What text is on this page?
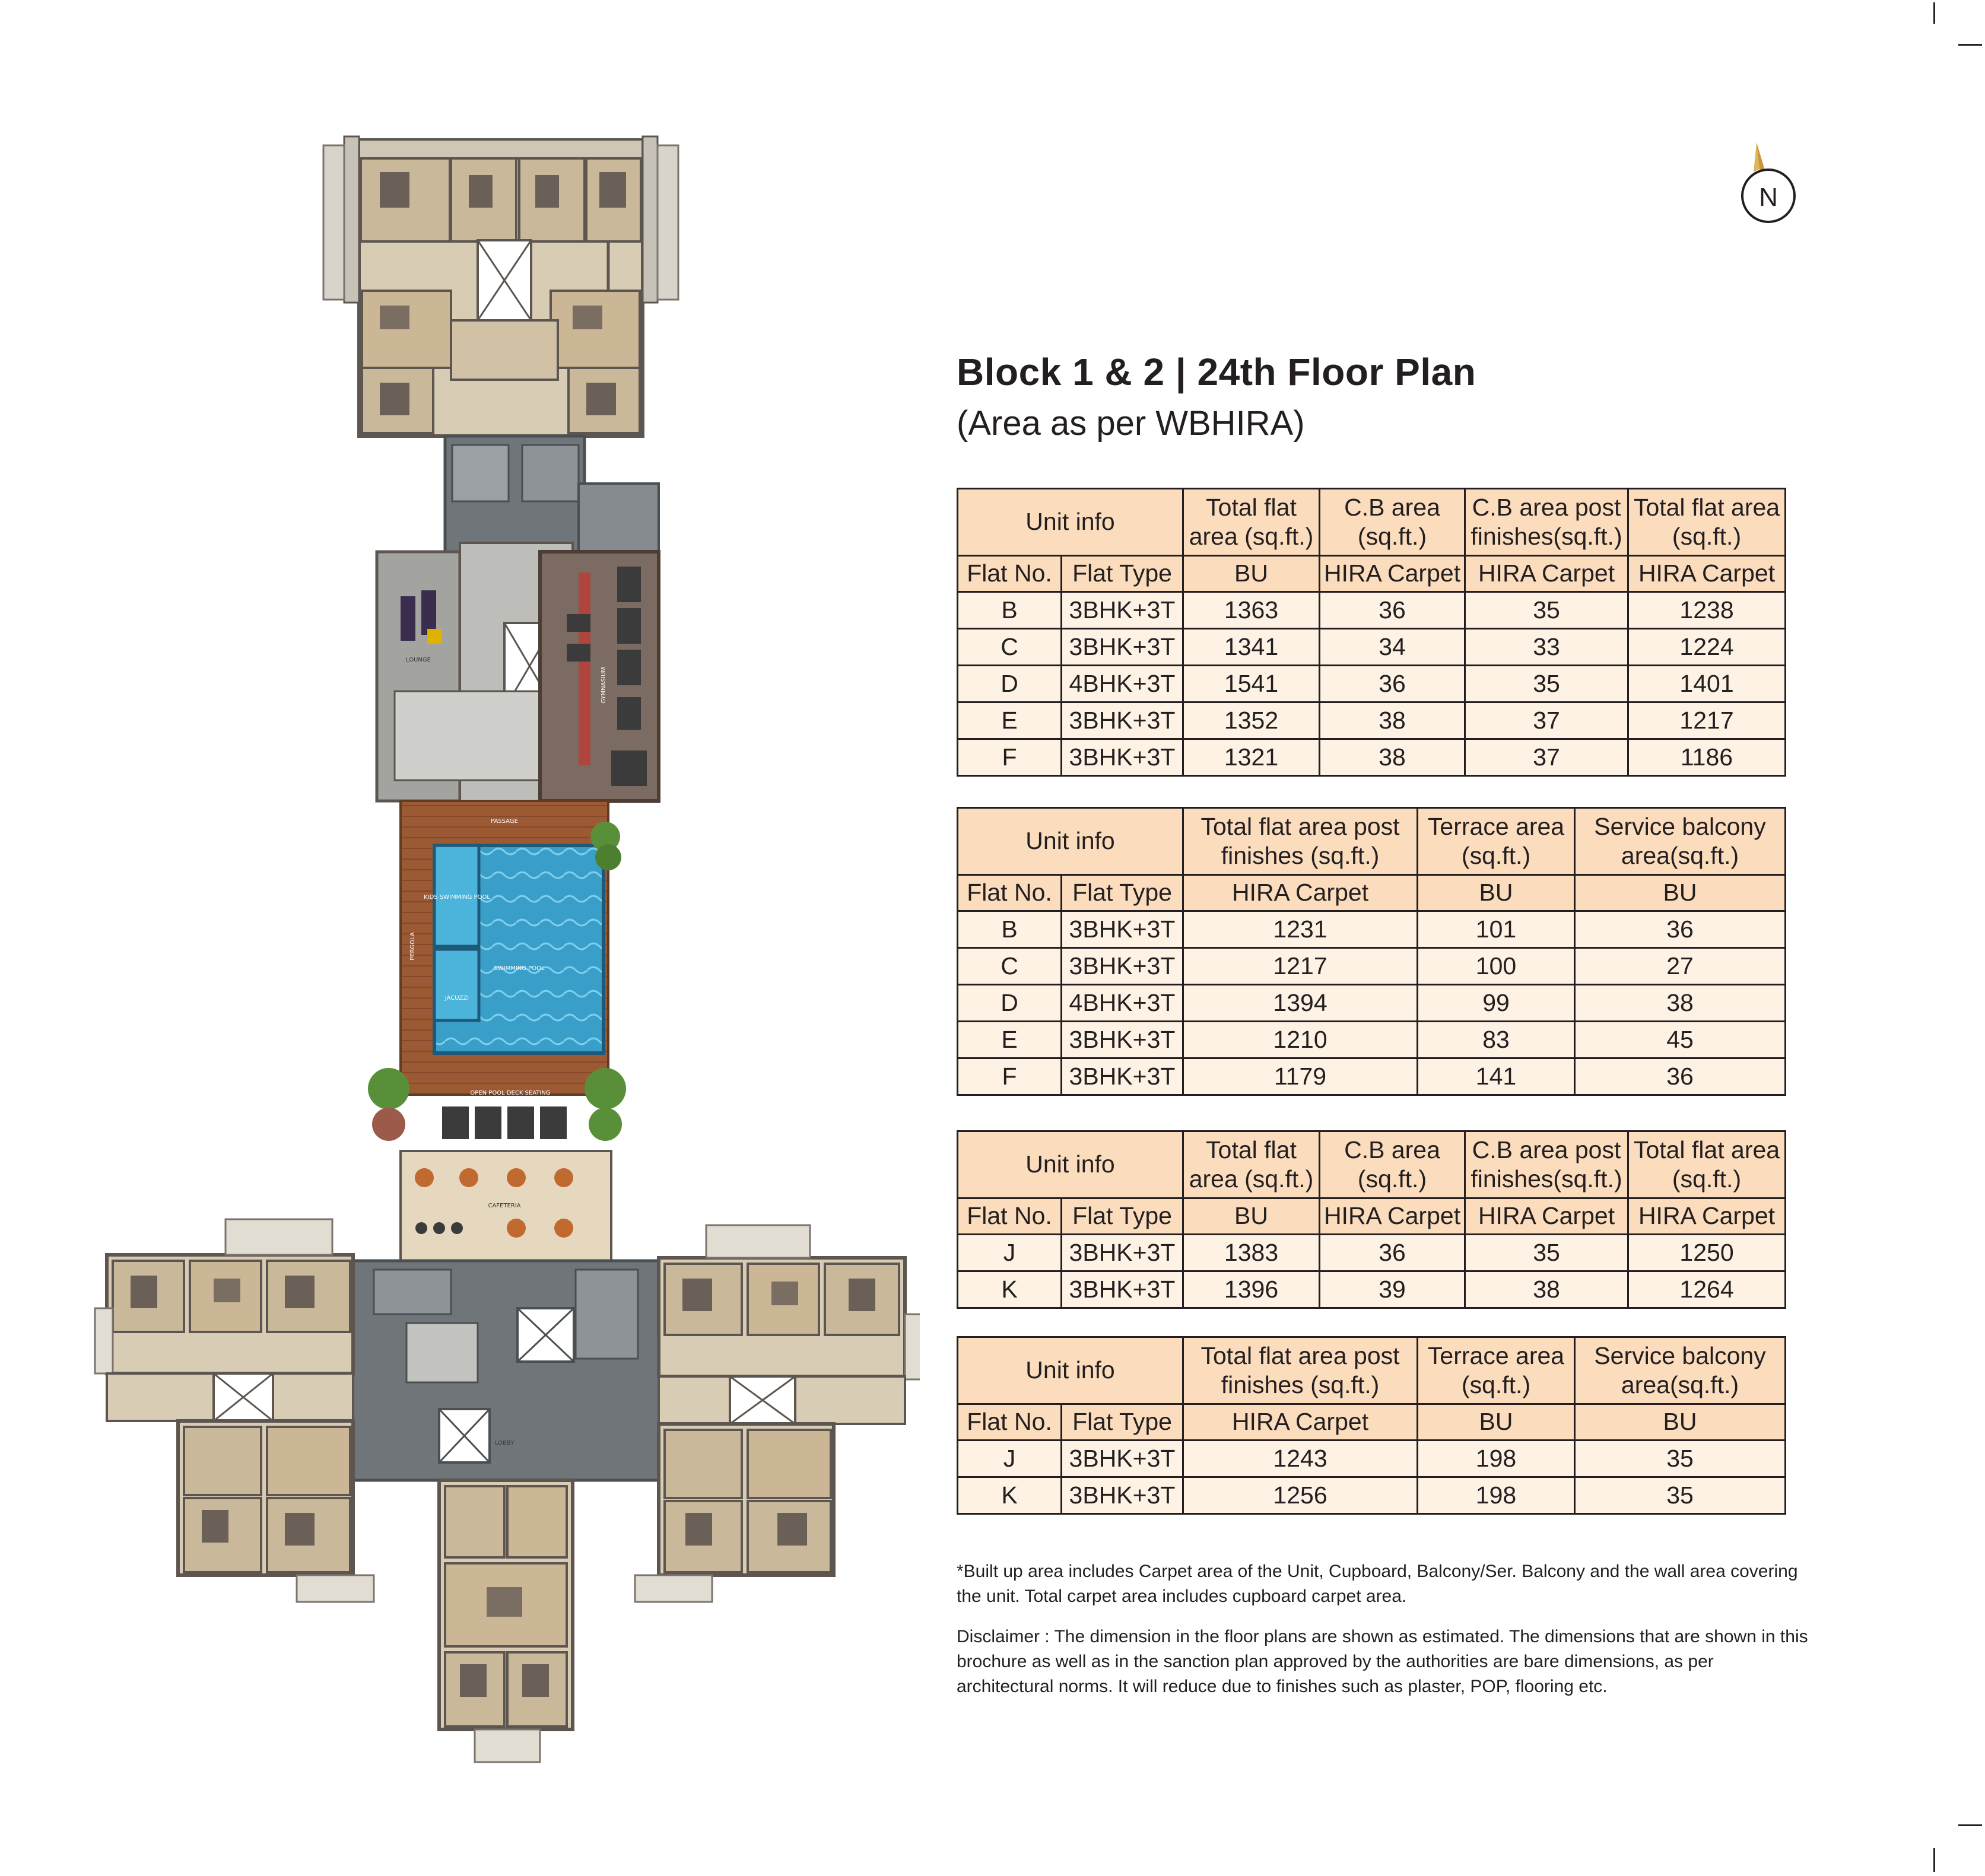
SWIMMING POOL
KIDS SWIMMING POOL
JACUZZI
PASSAGE
PERGOLA
OPEN POOL DECK SEATING
CAFETERIA
LOBBY
LOUNGE
GYMNASIUM
N
Block 1 & 2 | 24th Floor Plan
(Area as per WBHIRA)
Unit info		Total flat area (sq.ft.)	C.B area (sq.ft.)	C.B area post finishes(sq.ft.)	Total flat area (sq.ft.)
Flat No.	Flat Type	BU	HIRA Carpet	HIRA Carpet	HIRA Carpet
B	3BHK+3T	1363	36	35	1238
C	3BHK+3T	1341	34	33	1224
D	4BHK+3T	1541	36	35	1401
E	3BHK+3T	1352	38	37	1217
F	3BHK+3T	1321	38	37	1186
Unit info		Total flat area post finishes (sq.ft.)	Terrace area (sq.ft.)	Service balcony area(sq.ft.)
Flat No.	Flat Type	HIRA Carpet	BU	BU
B	3BHK+3T	1231	101	36
C	3BHK+3T	1217	100	27
D	4BHK+3T	1394	99	38
E	3BHK+3T	1210	83	45
F	3BHK+3T	1179	141	36
Unit info		Total flat area (sq.ft.)	C.B area (sq.ft.)	C.B area post finishes(sq.ft.)	Total flat area (sq.ft.)
Flat No.	Flat Type	BU	HIRA Carpet	HIRA Carpet	HIRA Carpet
J	3BHK+3T	1383	36	35	1250
K	3BHK+3T	1396	39	38	1264
Unit info		Total flat area post finishes (sq.ft.)	Terrace area (sq.ft.)	Service balcony area(sq.ft.)
Flat No.	Flat Type	HIRA Carpet	BU	BU
J	3BHK+3T	1243	198	35
K	3BHK+3T	1256	198	35
*Built up area includes Carpet area of the Unit, Cupboard, Balcony/Ser. Balcony and the wall area covering the unit. Total carpet area includes cupboard carpet area.
Disclaimer : The dimension in the floor plans are shown as estimated. The dimensions that are shown in this brochure as well as in the sanction plan approved by the authorities are bare dimensions, as per architectural norms. It will reduce due to finishes such as plaster, POP, flooring etc.
